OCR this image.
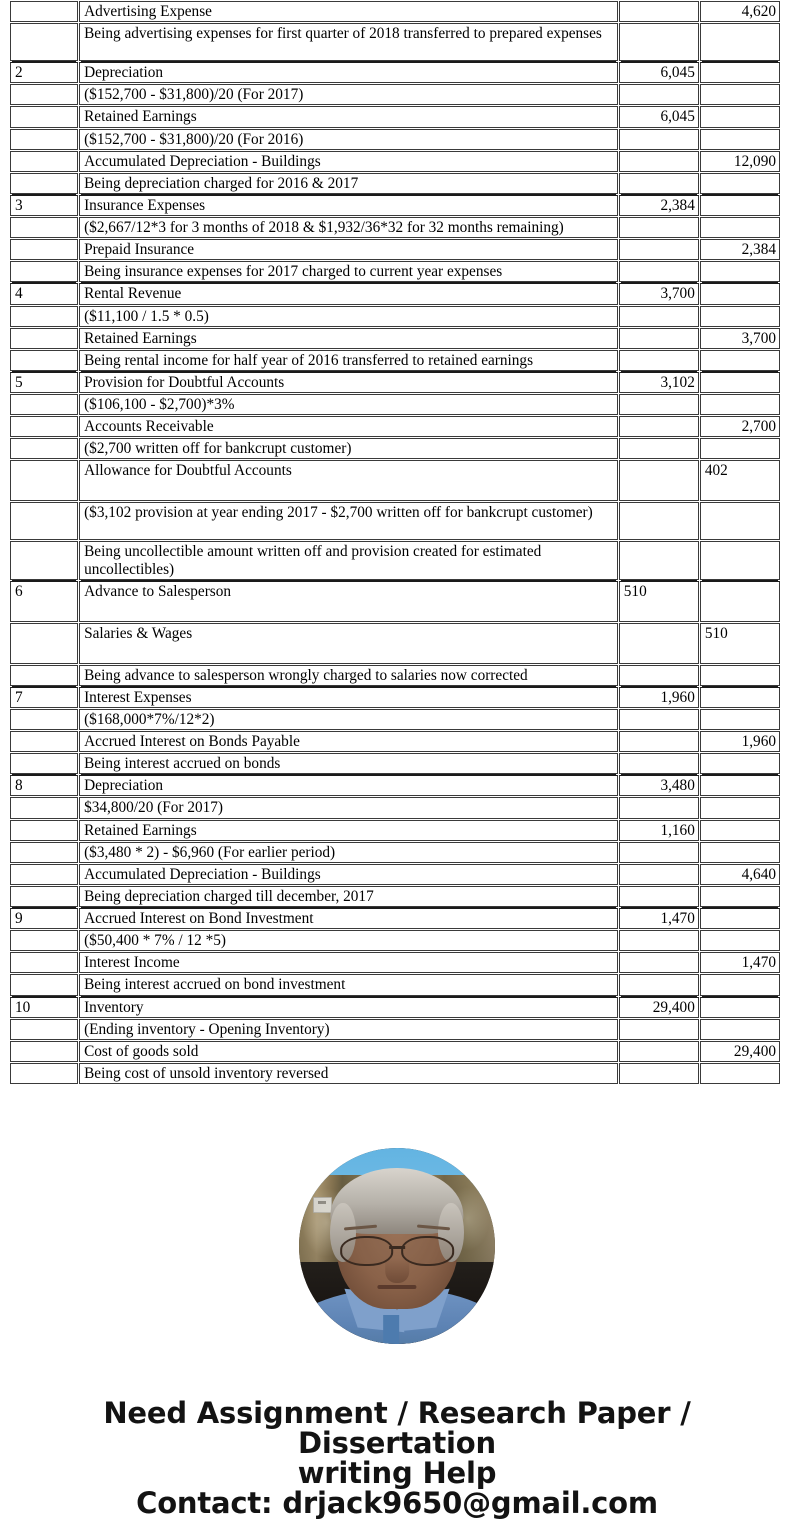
	Advertising Expense		4,620
	Being advertising expenses for first quarter of 2018 transferred to prepared expenses		
2	Depreciation	6,045	
	($152,700 - $31,800)/20 (For 2017)		
	Retained Earnings	6,045	
	($152,700 - $31,800)/20 (For 2016)		
	Accumulated Depreciation - Buildings		12,090
	Being depreciation charged for 2016 & 2017		
3	Insurance Expenses	2,384	
	($2,667/12*3 for 3 months of 2018 & $1,932/36*32 for 32 months remaining)		
	Prepaid Insurance		2,384
	Being insurance expenses for 2017 charged to current year expenses		
4	Rental Revenue	3,700	
	($11,100 / 1.5 * 0.5)		
	Retained Earnings		3,700
	Being rental income for half year of 2016 transferred to retained earnings		
5	Provision for Doubtful Accounts	3,102	
	($106,100 - $2,700)*3%		
	Accounts Receivable		2,700
	($2,700 written off for bankcrupt customer)		
	Allowance for Doubtful Accounts		402
	($3,102 provision at year ending 2017 - $2,700 written off for bankcrupt customer)		
	Being uncollectible amount written off and provision created for estimated uncollectibles)		
6	Advance to Salesperson	510	
	Salaries & Wages		510
	Being advance to salesperson wrongly charged to salaries now corrected		
7	Interest Expenses	1,960	
	($168,000*7%/12*2)		
	Accrued Interest on Bonds Payable		1,960
	Being interest accrued on bonds		
8	Depreciation	3,480	
	$34,800/20 (For 2017)		
	Retained Earnings	1,160	
	($3,480 * 2) - $6,960 (For earlier period)		
	Accumulated Depreciation - Buildings		4,640
	Being depreciation charged till december, 2017		
9	Accrued Interest on Bond Investment	1,470	
	($50,400 * 7% / 12 *5)		
	Interest Income		1,470
	Being interest accrued on bond investment		
10	Inventory	29,400	
	(Ending inventory - Opening Inventory)		
	Cost of goods sold		29,400
	Being cost of unsold inventory reversed		
Need Assignment / Research Paper / Dissertation
writing Help
Contact: drjack9650@gmail.com
